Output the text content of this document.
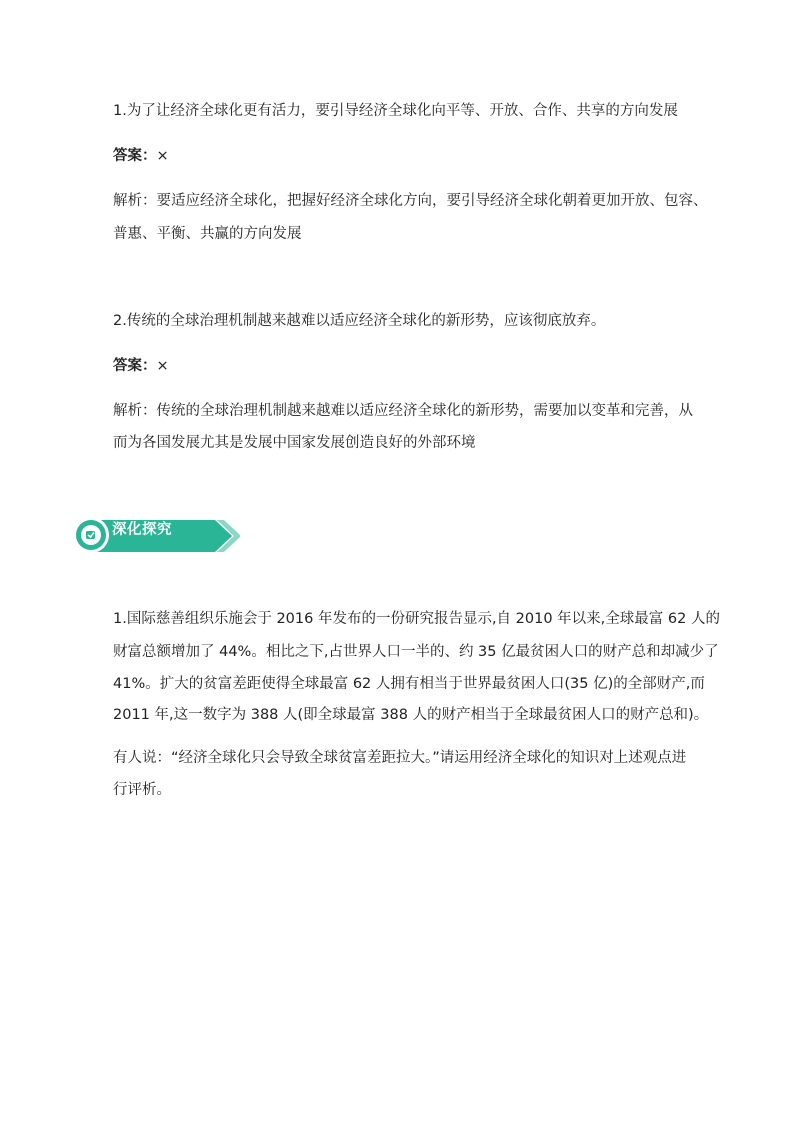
1.为了让经济全球化更有活力，要引导经济全球化向平等、开放、合作、共享的方向发展

答案：×

解析：要适应经济全球化，把握好经济全球化方向，要引导经济全球化朝着更加开放、包容、

普惠、平衡、共赢的方向发展

2.传统的全球治理机制越来越难以适应经济全球化的新形势，应该彻底放弃。

答案：×

解析：传统的全球治理机制越来越难以适应经济全球化的新形势，需要加以变革和完善，从

而为各国发展尤其是发展中国家发展创造良好的外部环境

深化探究

1.国际慈善组织乐施会于 2016 年发布的一份研究报告显示,自 2010 年以来,全球最富 62 人的

财富总额增加了 44%。相比之下,占世界人口一半的、约 35 亿最贫困人口的财产总和却减少了

41%。扩大的贫富差距使得全球最富 62 人拥有相当于世界最贫困人口(35 亿)的全部财产,而

2011 年,这一数字为 388 人(即全球最富 388 人的财产相当于全球最贫困人口的财产总和)。

有人说：“经济全球化只会导致全球贫富差距拉大。”请运用经济全球化的知识对上述观点进

行评析。
